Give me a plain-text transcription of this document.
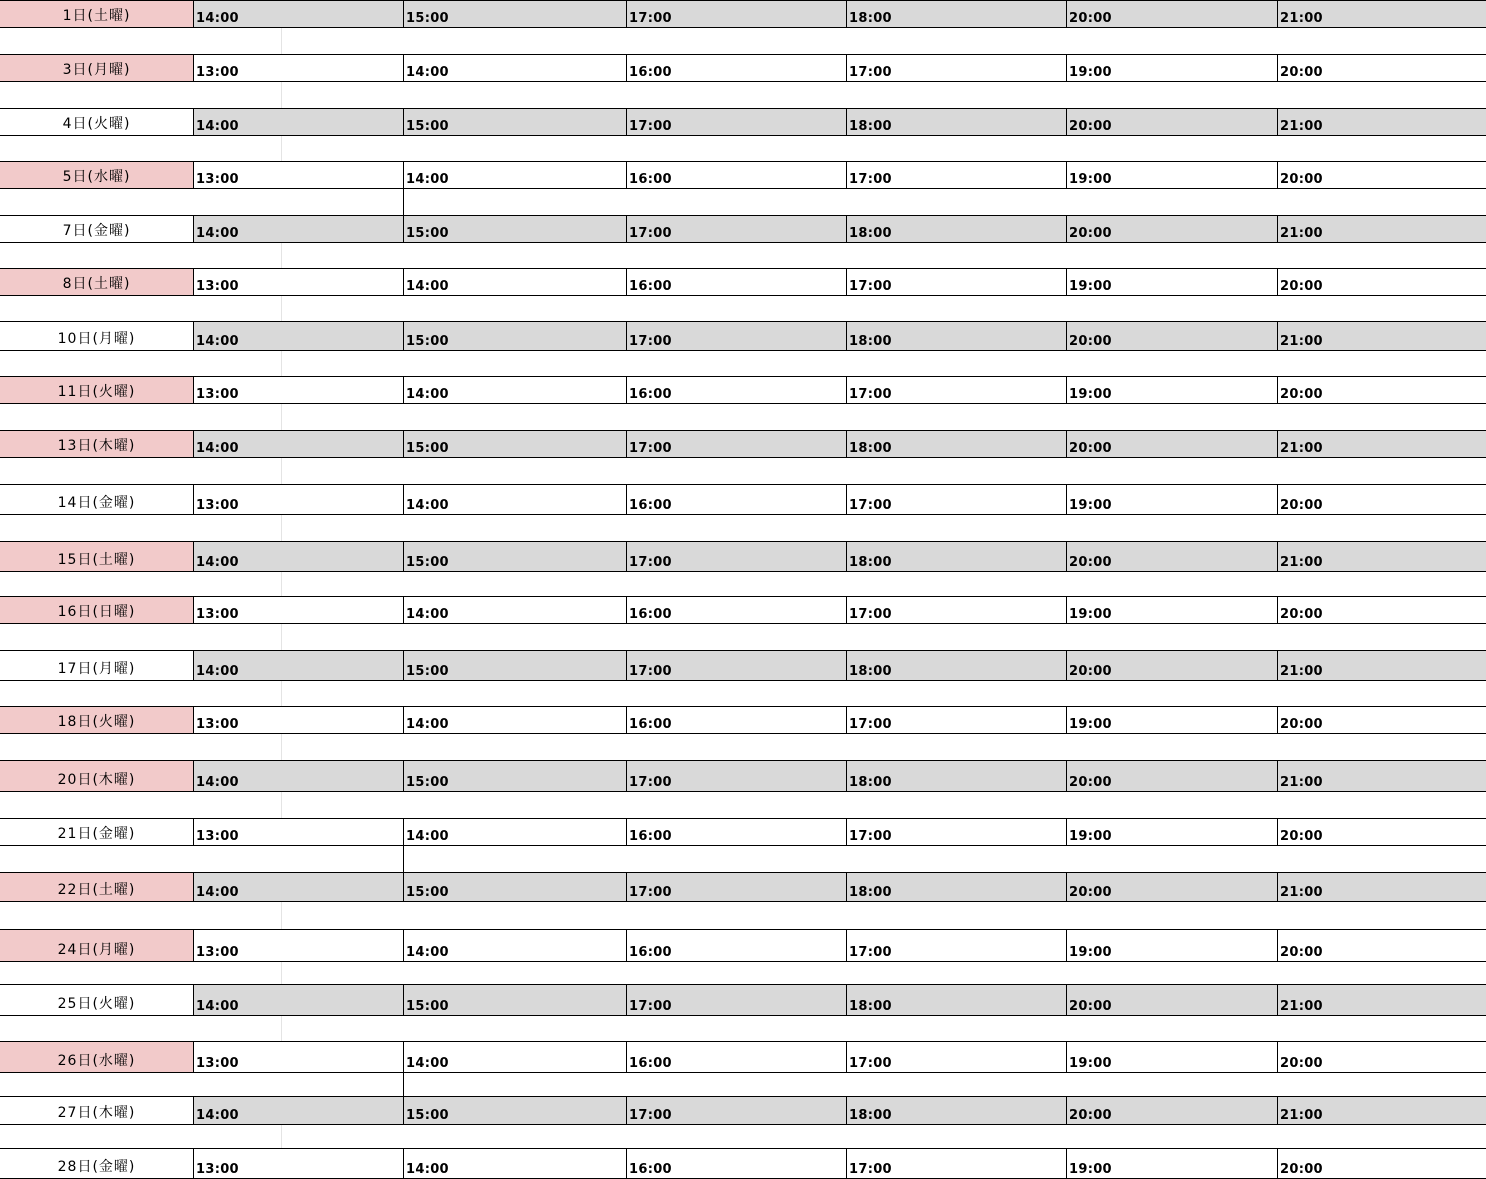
1日(土曜)	14:00	15:00	17:00	18:00	20:00	21:00
3日(月曜)	13:00	14:00	16:00	17:00	19:00	20:00
4日(火曜)	14:00	15:00	17:00	18:00	20:00	21:00
5日(水曜)	13:00	14:00	16:00	17:00	19:00	20:00
7日(金曜)	14:00	15:00	17:00	18:00	20:00	21:00
8日(土曜)	13:00	14:00	16:00	17:00	19:00	20:00
10日(月曜)	14:00	15:00	17:00	18:00	20:00	21:00
11日(火曜)	13:00	14:00	16:00	17:00	19:00	20:00
13日(木曜)	14:00	15:00	17:00	18:00	20:00	21:00
14日(金曜)	13:00	14:00	16:00	17:00	19:00	20:00
15日(土曜)	14:00	15:00	17:00	18:00	20:00	21:00
16日(日曜)	13:00	14:00	16:00	17:00	19:00	20:00
17日(月曜)	14:00	15:00	17:00	18:00	20:00	21:00
18日(火曜)	13:00	14:00	16:00	17:00	19:00	20:00
20日(木曜)	14:00	15:00	17:00	18:00	20:00	21:00
21日(金曜)	13:00	14:00	16:00	17:00	19:00	20:00
22日(土曜)	14:00	15:00	17:00	18:00	20:00	21:00
24日(月曜)	13:00	14:00	16:00	17:00	19:00	20:00
25日(火曜)	14:00	15:00	17:00	18:00	20:00	21:00
26日(水曜)	13:00	14:00	16:00	17:00	19:00	20:00
27日(木曜)	14:00	15:00	17:00	18:00	20:00	21:00
28日(金曜)	13:00	14:00	16:00	17:00	19:00	20:00
